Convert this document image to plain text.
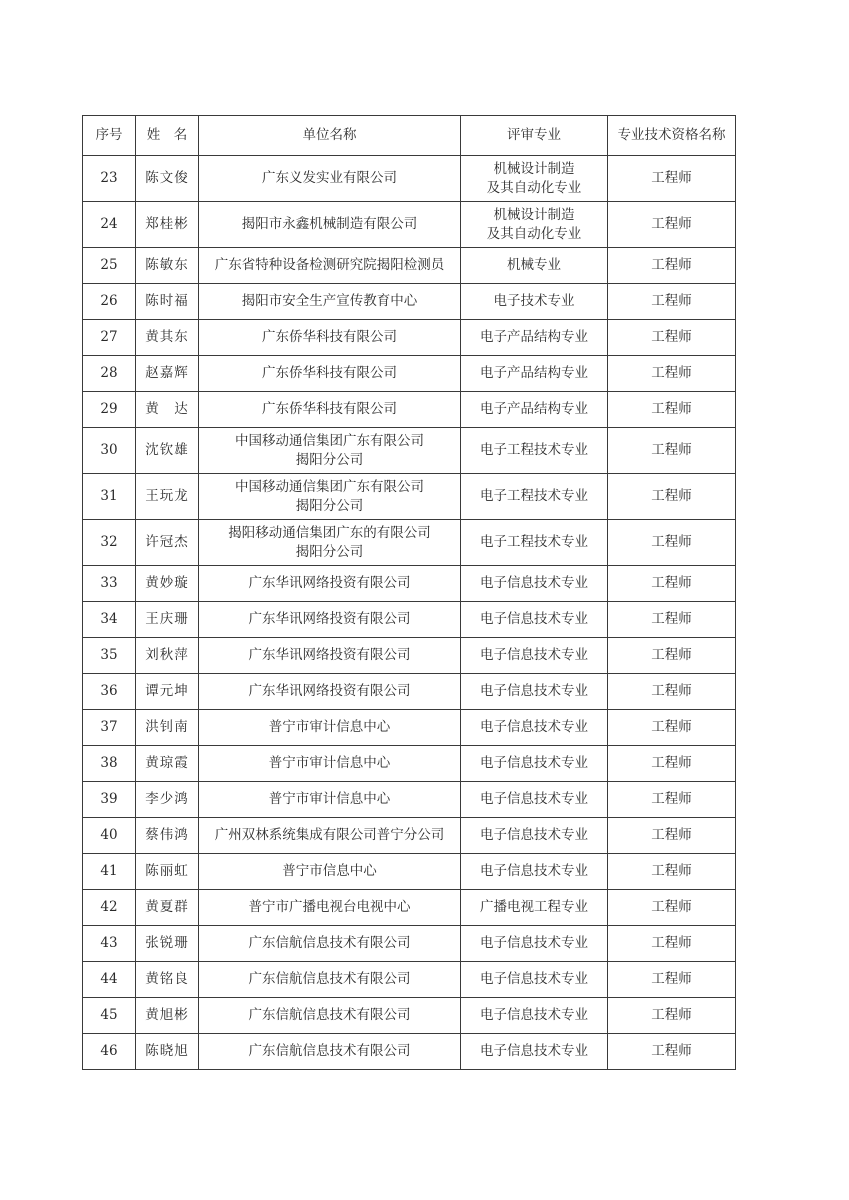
序号	姓　名	单位名称	评审专业	专业技术资格名称
23	陈文俊	广东义发实业有限公司	机械设计制造
及其自动化专业	工程师
24	郑桂彬	揭阳市永鑫机械制造有限公司	机械设计制造
及其自动化专业	工程师
25	陈敏东	广东省特种设备检测研究院揭阳检测员	机械专业	工程师
26	陈时福	揭阳市安全生产宣传教育中心	电子技术专业	工程师
27	黄其东	广东侨华科技有限公司	电子产品结构专业	工程师
28	赵嘉辉	广东侨华科技有限公司	电子产品结构专业	工程师
29	黄　达	广东侨华科技有限公司	电子产品结构专业	工程师
30	沈钦雄	中国移动通信集团广东有限公司
揭阳分公司	电子工程技术专业	工程师
31	王玩龙	中国移动通信集团广东有限公司
揭阳分公司	电子工程技术专业	工程师
32	许冠杰	揭阳移动通信集团广东的有限公司
揭阳分公司	电子工程技术专业	工程师
33	黄妙璇	广东华讯网络投资有限公司	电子信息技术专业	工程师
34	王庆珊	广东华讯网络投资有限公司	电子信息技术专业	工程师
35	刘秋萍	广东华讯网络投资有限公司	电子信息技术专业	工程师
36	谭元坤	广东华讯网络投资有限公司	电子信息技术专业	工程师
37	洪钊南	普宁市审计信息中心	电子信息技术专业	工程师
38	黄琼霞	普宁市审计信息中心	电子信息技术专业	工程师
39	李少鸿	普宁市审计信息中心	电子信息技术专业	工程师
40	蔡伟鸿	广州双林系统集成有限公司普宁分公司	电子信息技术专业	工程师
41	陈丽虹	普宁市信息中心	电子信息技术专业	工程师
42	黄夏群	普宁市广播电视台电视中心	广播电视工程专业	工程师
43	张锐珊	广东信航信息技术有限公司	电子信息技术专业	工程师
44	黄铭良	广东信航信息技术有限公司	电子信息技术专业	工程师
45	黄旭彬	广东信航信息技术有限公司	电子信息技术专业	工程师
46	陈晓旭	广东信航信息技术有限公司	电子信息技术专业	工程师
